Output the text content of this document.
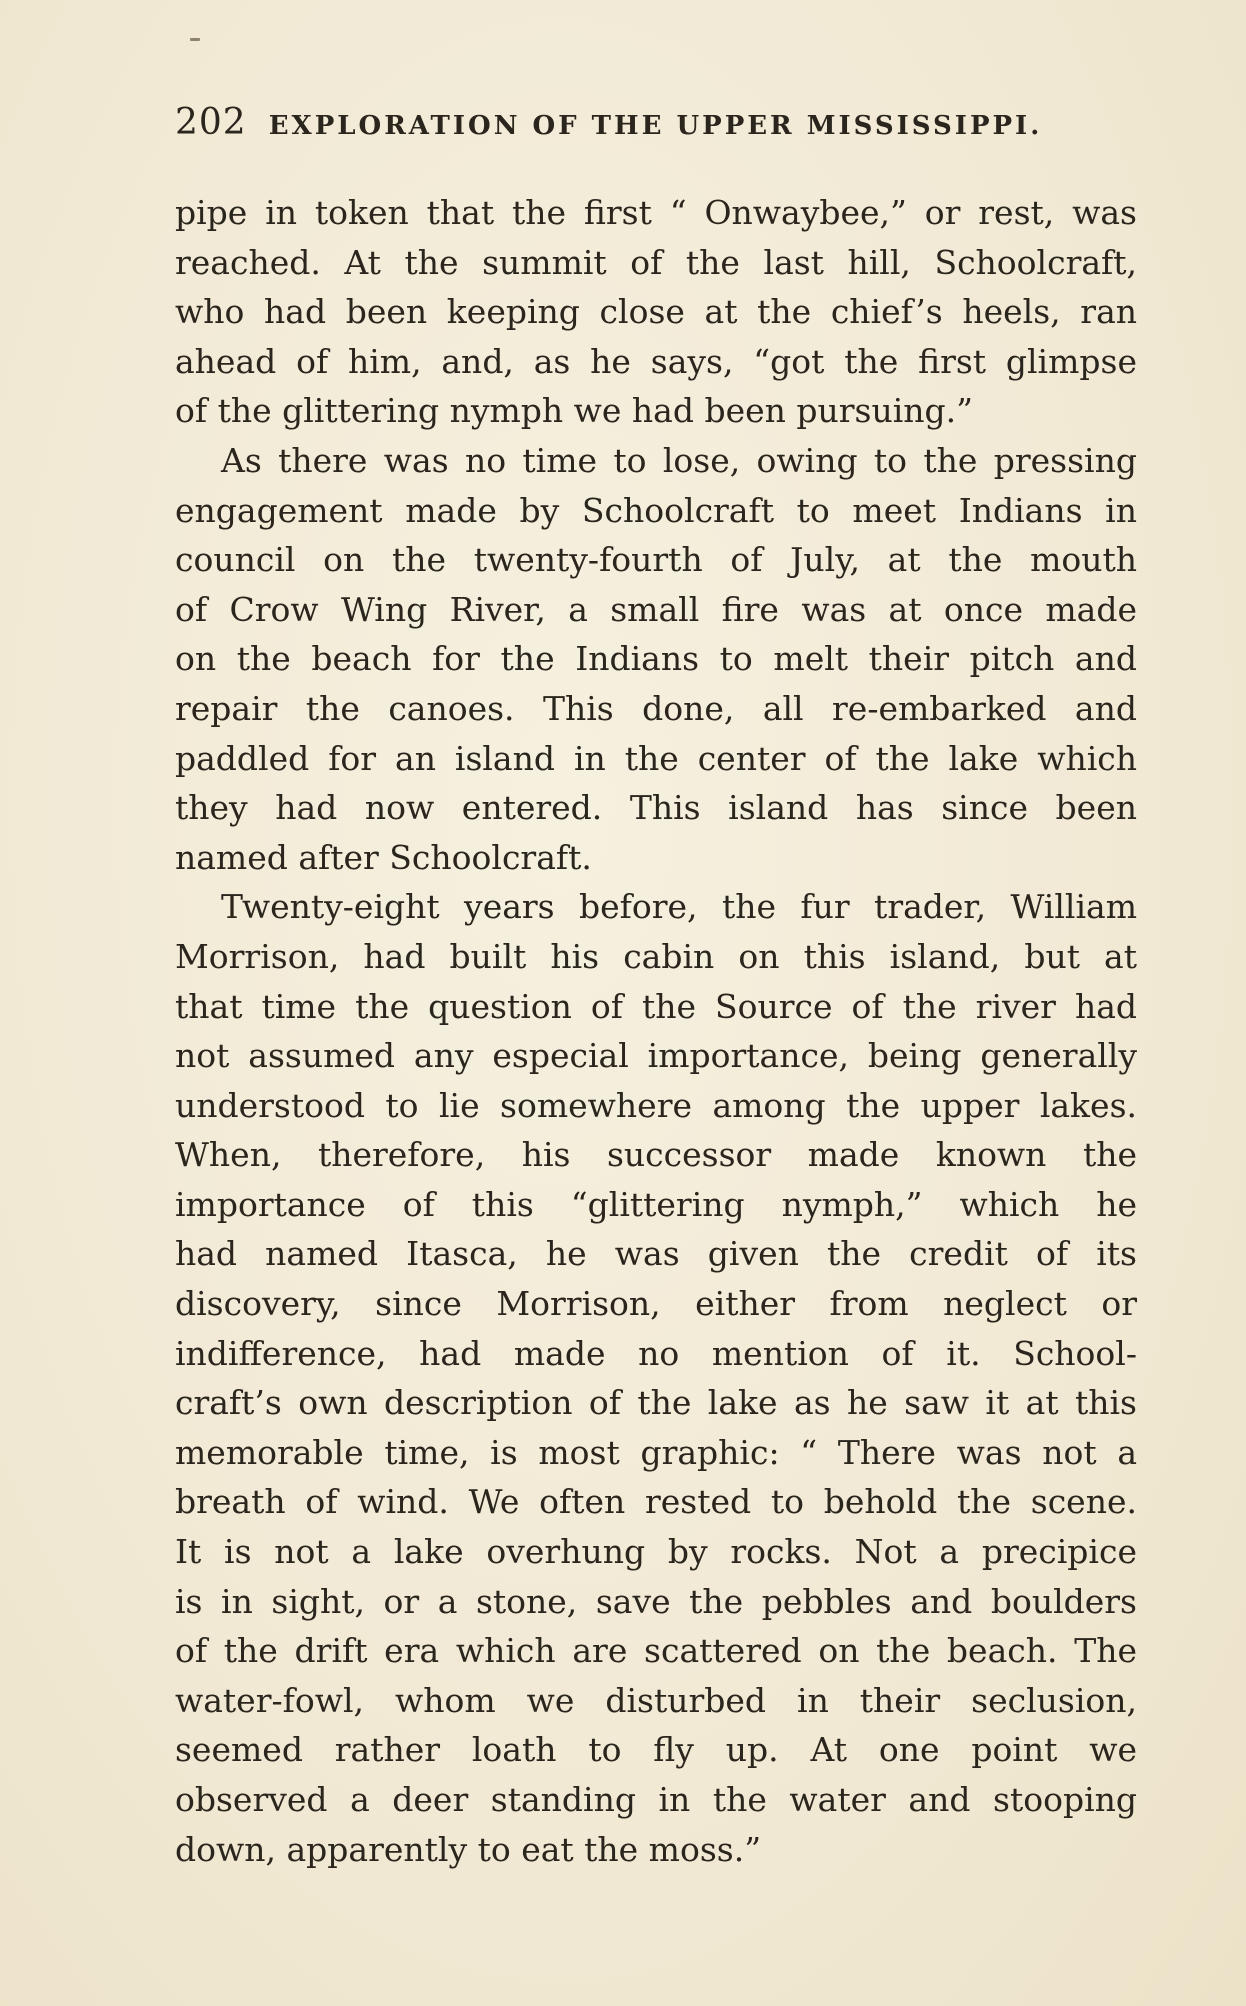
202 EXPLORATION OF THE UPPER MISSISSIPPI.
pipe in token that the first “ Onwaybee,” or rest, was
reached. At the summit of the last hill, Schoolcraft,
who had been keeping close at the chief’s heels, ran
ahead of him, and, as he says, “got the first glimpse
of the glittering nymph we had been pursuing.”
As there was no time to lose, owing to the pressing
engagement made by Schoolcraft to meet Indians in
council on the twenty-fourth of July, at the mouth
of Crow Wing River, a small fire was at once made
on the beach for the Indians to melt their pitch and
repair the canoes. This done, all re-embarked and
paddled for an island in the center of the lake which
they had now entered. This island has since been
named after Schoolcraft.
Twenty-eight years before, the fur trader, William
Morrison, had built his cabin on this island, but at
that time the question of the Source of the river had
not assumed any especial importance, being generally
understood to lie somewhere among the upper lakes.
When, therefore, his successor made known the
importance of this “glittering nymph,” which he
had named Itasca, he was given the credit of its
discovery, since Morrison, either from neglect or
indifference, had made no mention of it. School-
craft’s own description of the lake as he saw it at this
memorable time, is most graphic: “ There was not a
breath of wind. We often rested to behold the scene.
It is not a lake overhung by rocks. Not a precipice
is in sight, or a stone, save the pebbles and boulders
of the drift era which are scattered on the beach. The
water-fowl, whom we disturbed in their seclusion,
seemed rather loath to fly up. At one point we
observed a deer standing in the water and stooping
down, apparently to eat the moss.”
